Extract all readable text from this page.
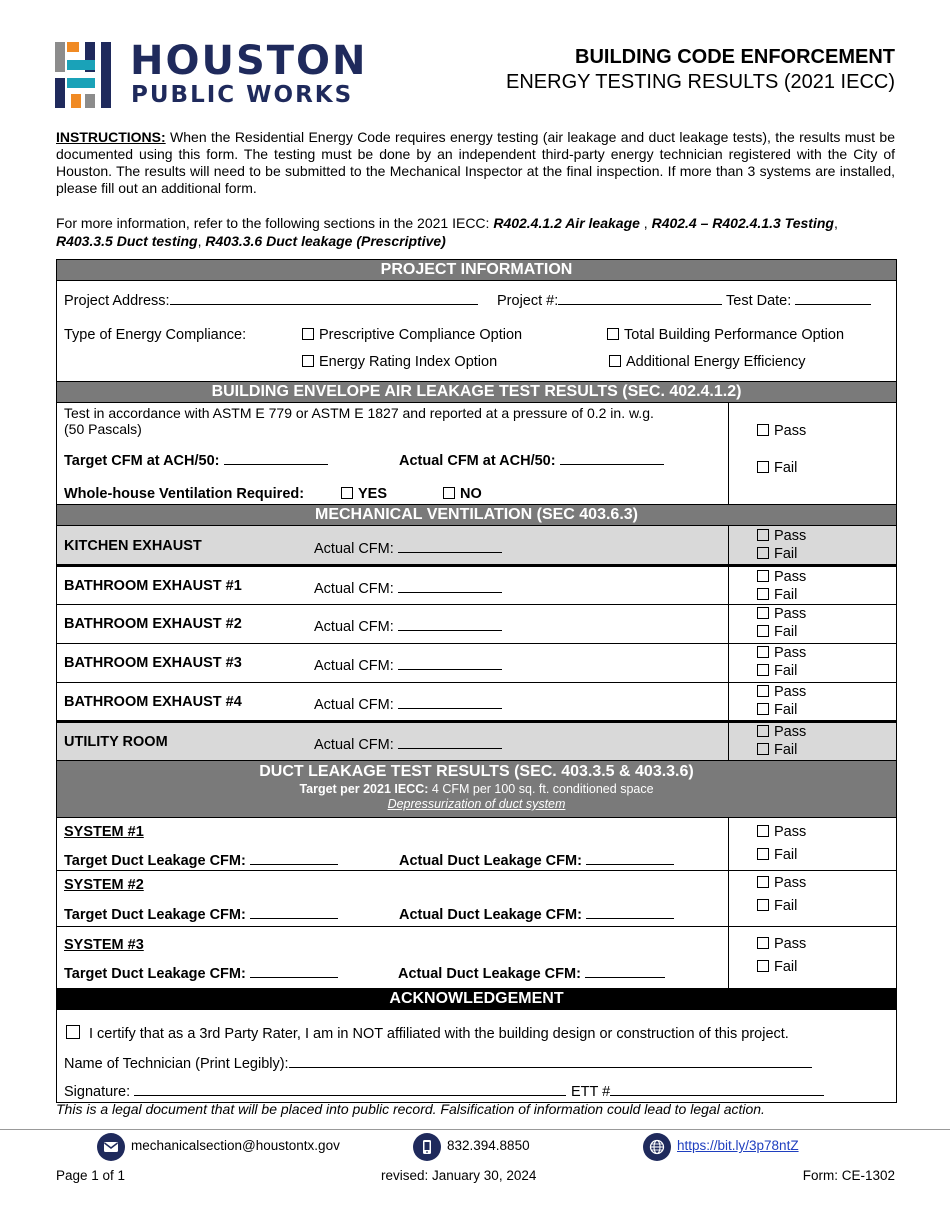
HOUSTON
PUBLIC WORKS
BUILDING CODE ENFORCEMENT
ENERGY TESTING RESULTS (2021 IECC)
INSTRUCTIONS: When the Residential Energy Code requires energy testing (air leakage and duct leakage tests), the results must be documented using this form. The testing must be done by an independent third-party energy technician registered with the City of Houston. The results will need to be submitted to the Mechanical Inspector at the final inspection. If more than 3 systems are installed, please fill out an additional form.
For more information, refer to the following sections in the 2021 IECC: R402.4.1.2 Air leakage , R402.4 – R402.4.1.3 Testing, R403.3.5 Duct testing, R403.3.6 Duct leakage (Prescriptive)
PROJECT INFORMATION
Project Address:	Project #:	Test Date:
Type of Energy Compliance:	Prescriptive Compliance Option	Total Building Performance Option
Energy Rating Index Option	Additional Energy Efficiency
BUILDING ENVELOPE AIR LEAKAGE TEST RESULTS (SEC. 402.4.1.2)
Test in accordance with ASTM E 779 or ASTM E 1827 and reported at a pressure of 0.2 in. w.g.
(50 Pascals)
Target CFM at ACH/50:	Actual CFM at ACH/50:
Whole-house Ventilation Required:	YES	NO
Pass
Fail
MECHANICAL VENTILATION (SEC 403.6.3)
KITCHEN EXHAUST	Actual CFM:
Pass
Fail
BATHROOM EXHAUST #1	Actual CFM:
Pass
Fail
BATHROOM EXHAUST #2	Actual CFM:
Pass
Fail
BATHROOM EXHAUST #3	Actual CFM:
Pass
Fail
BATHROOM EXHAUST #4	Actual CFM:
Pass
Fail
UTILITY ROOM	Actual CFM:
Pass
Fail
DUCT LEAKAGE TEST RESULTS (SEC. 403.3.5 & 403.3.6)
Target per 2021 IECC: 4 CFM per 100 sq. ft. conditioned space
Depressurization of duct system
SYSTEM #1
Target Duct Leakage CFM:	Actual Duct Leakage CFM:
Pass
Fail
SYSTEM #2
Target Duct Leakage CFM:	Actual Duct Leakage CFM:
Pass
Fail
SYSTEM #3
Target Duct Leakage CFM:	Actual Duct Leakage CFM:
Pass
Fail
ACKNOWLEDGEMENT
I certify that as a 3rd Party Rater, I am in NOT affiliated with the building design or construction of this project.
Name of Technician (Print Legibly):
Signature:	ETT #
This is a legal document that will be placed into public record. Falsification of information could lead to legal action.
mechanicalsection@houstontx.gov	832.394.8850	https://bit.ly/3p78ntZ
Page 1 of 1	revised: January 30, 2024	Form: CE-1302
